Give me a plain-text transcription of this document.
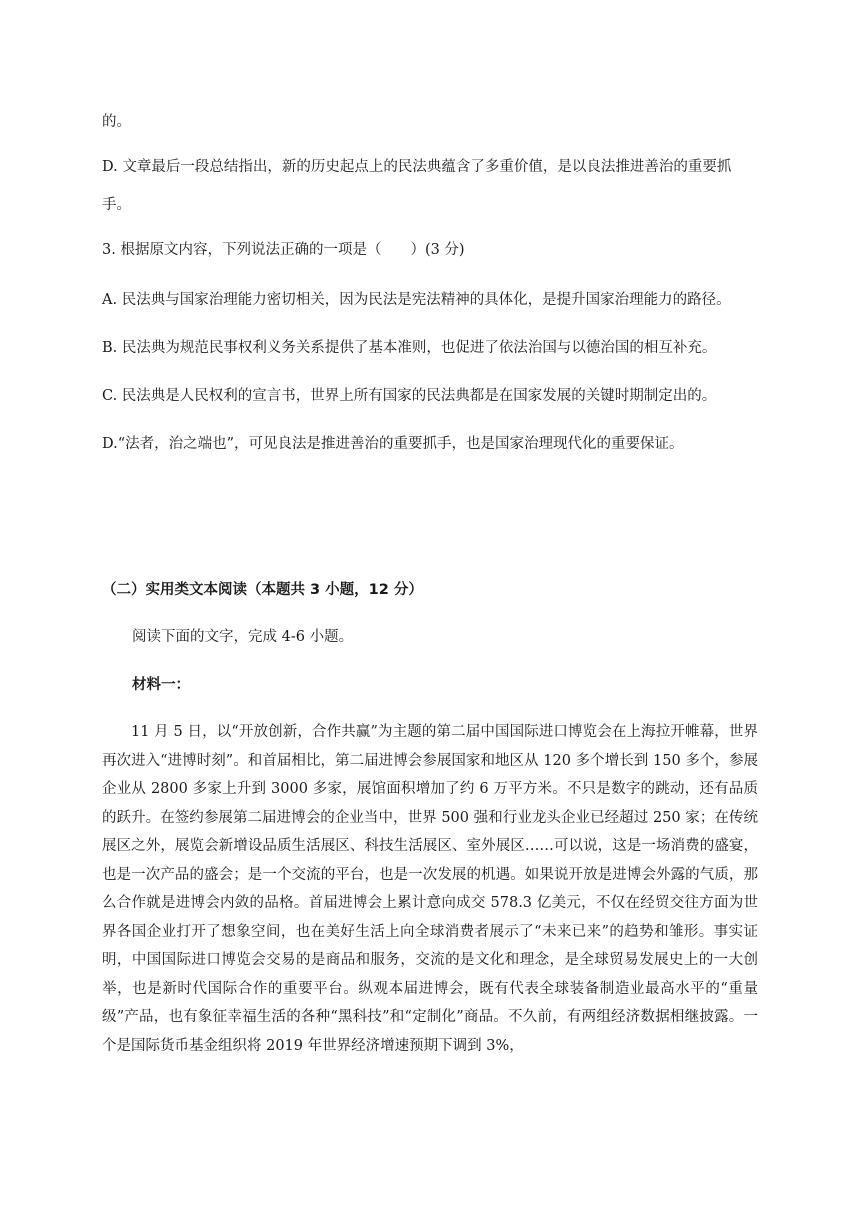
的。
D. 文章最后一段总结指出，新的历史起点上的民法典蕴含了多重价值，是以良法推进善治的重要抓
手。
3. 根据原文内容，下列说法正确的一项是（　　）(3 分)
A. 民法典与国家治理能力密切相关，因为民法是宪法精神的具体化，是提升国家治理能力的路径。
B. 民法典为规范民事权利义务关系提供了基本准则，也促进了依法治国与以德治国的相互补充。
C. 民法典是人民权利的宣言书，世界上所有国家的民法典都是在国家发展的关键时期制定出的。
D.“法者，治之端也”，可见良法是推进善治的重要抓手，也是国家治理现代化的重要保证。
（二）实用类文本阅读（本题共 3 小题，12 分）
阅读下面的文字，完成 4-6 小题。
材料一：

11 月 5 日，以“开放创新，合作共赢”为主题的第二届中国国际进口博览会在上海拉开帷幕，世界再次进入“进博时刻”。和首届相比，第二届进博会参展国家和地区从 120 多个增长到 150 多个，参展企业从 2800 多家上升到 3000 多家，展馆面积增加了约 6 万平方米。不只是数字的跳动，还有品质的跃升。在签约参展第二届进博会的企业当中，世界 500 强和行业龙头企业已经超过 250 家；在传统展区之外，展览会新增设品质生活展区、科技生活展区、室外展区……可以说，这是一场消费的盛宴，也是一次产品的盛会；是一个交流的平台，也是一次发展的机遇。如果说开放是进博会外露的气质，那么合作就是进博会内敛的品格。首届进博会上累计意向成交 578.3 亿美元，不仅在经贸交往方面为世界各国企业打开了想象空间，也在美好生活上向全球消费者展示了“未来已来”的趋势和雏形。事实证明，中国国际进口博览会交易的是商品和服务，交流的是文化和理念，是全球贸易发展史上的一大创举，也是新时代国际合作的重要平台。纵观本届进博会，既有代表全球装备制造业最高水平的“重量级”产品，也有象征幸福生活的各种“黑科技”和“定制化”商品。不久前，有两组经济数据相继披露。一个是国际货币基金组织将 2019 年世界经济增速预期下调到 3%，
